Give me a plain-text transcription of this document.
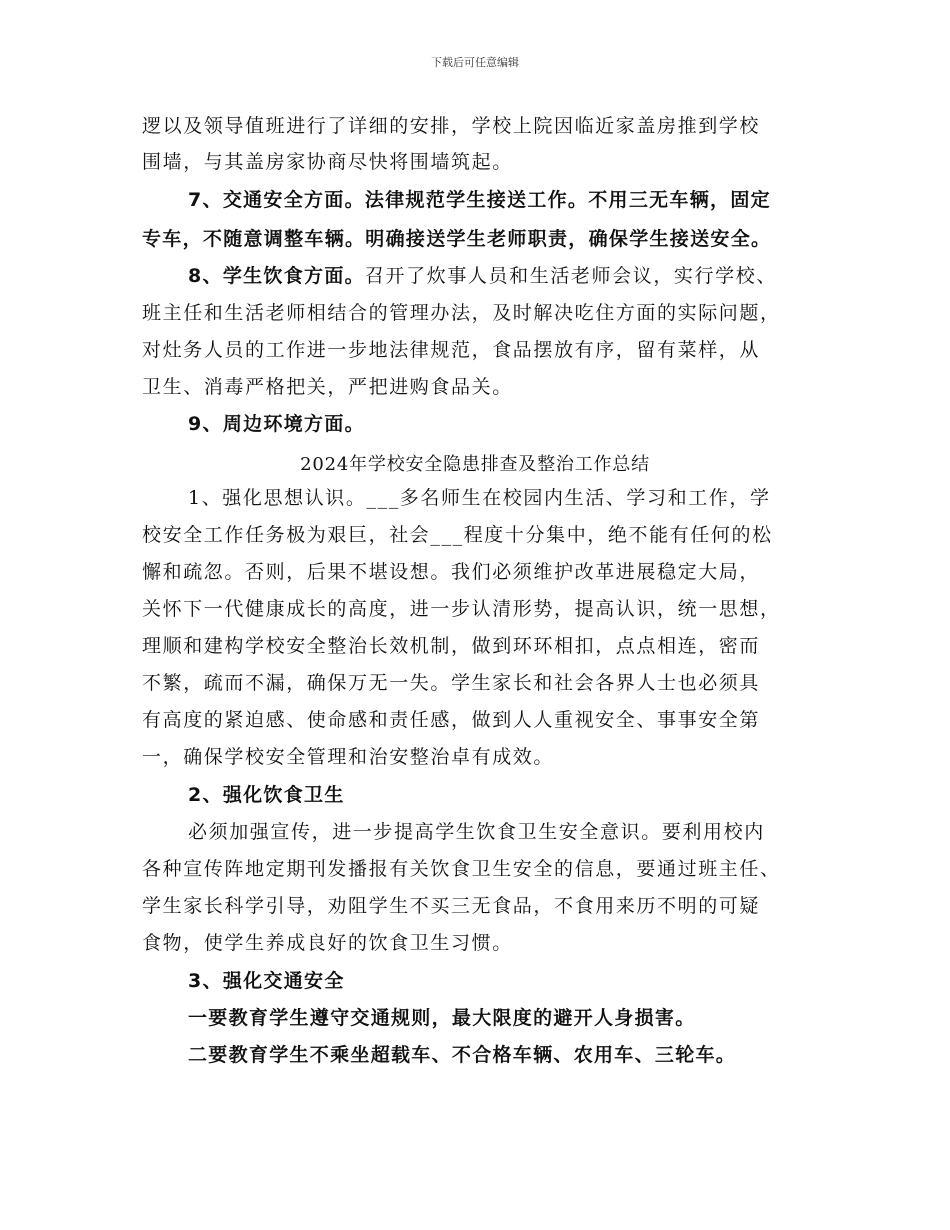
下载后可任意编辑
逻以及领导值班进行了详细的安排，学校上院因临近家盖房推到学校
围墙，与其盖房家协商尽快将围墙筑起。
7、交通安全方面。法律规范学生接送工作。不用三无车辆，固定
专车，不随意调整车辆。明确接送学生老师职责，确保学生接送安全。
8、学生饮食方面。召开了炊事人员和生活老师会议，实行学校、
班主任和生活老师相结合的管理办法，及时解决吃住方面的实际问题，
对灶务人员的工作进一步地法律规范，食品摆放有序，留有菜样，从
卫生、消毒严格把关，严把进购食品关。
9、周边环境方面。
2024年学校安全隐患排查及整治工作总结
1、强化思想认识。___多名师生在校园内生活、学习和工作，学
校安全工作任务极为艰巨，社会___程度十分集中，绝不能有任何的松
懈和疏忽。否则，后果不堪设想。我们必须维护改革进展稳定大局，
关怀下一代健康成长的高度，进一步认清形势，提高认识，统一思想，
理顺和建构学校安全整治长效机制，做到环环相扣，点点相连，密而
不繁，疏而不漏，确保万无一失。学生家长和社会各界人士也必须具
有高度的紧迫感、使命感和责任感，做到人人重视安全、事事安全第
一，确保学校安全管理和治安整治卓有成效。
2、强化饮食卫生
必须加强宣传，进一步提高学生饮食卫生安全意识。要利用校内
各种宣传阵地定期刊发播报有关饮食卫生安全的信息，要通过班主任、
学生家长科学引导，劝阻学生不买三无食品，不食用来历不明的可疑
食物，使学生养成良好的饮食卫生习惯。
3、强化交通安全
一要教育学生遵守交通规则，最大限度的避开人身损害。
二要教育学生不乘坐超载车、不合格车辆、农用车、三轮车。
